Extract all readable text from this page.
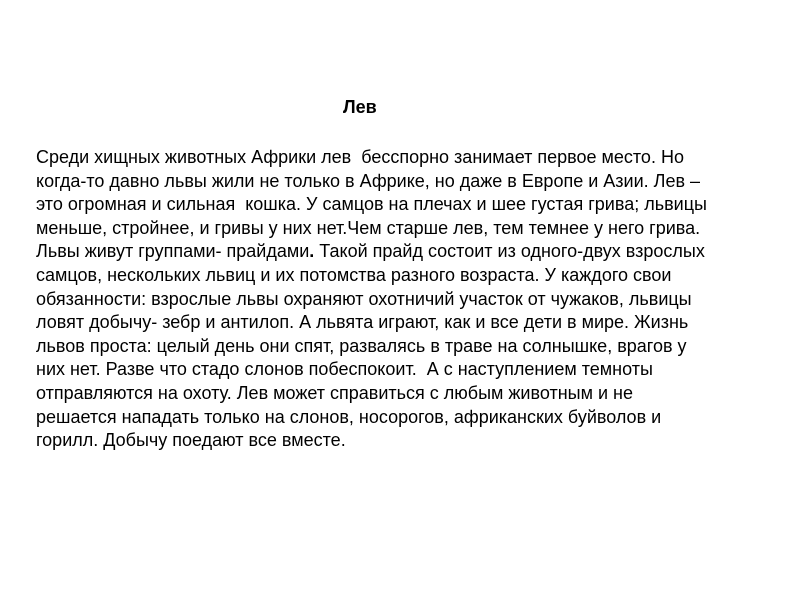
Лев
Среди хищных животных Африки лев  бесспорно занимает первое место. Но
когда-то давно львы жили не только в Африке, но даже в Европе и Азии. Лев –
это огромная и сильная  кошка. У самцов на плечах и шее густая грива; львицы
меньше, стройнее, и гривы у них нет.Чем старше лев, тем темнее у него грива.
Львы живут группами- прайдами. Такой прайд состоит из одного-двух взрослых
самцов, нескольких львиц и их потомства разного возраста. У каждого свои
обязанности: взрослые львы охраняют охотничий участок от чужаков, львицы
ловят добычу- зебр и антилоп. А львята играют, как и все дети в мире. Жизнь
львов проста: целый день они спят, развалясь в траве на солнышке, врагов у
них нет. Разве что стадо слонов побеспокоит.  А с наступлением темноты
отправляются на охоту. Лев может справиться с любым животным и не
решается нападать только на слонов, носорогов, африканских буйволов и
горилл. Добычу поедают все вместе.
